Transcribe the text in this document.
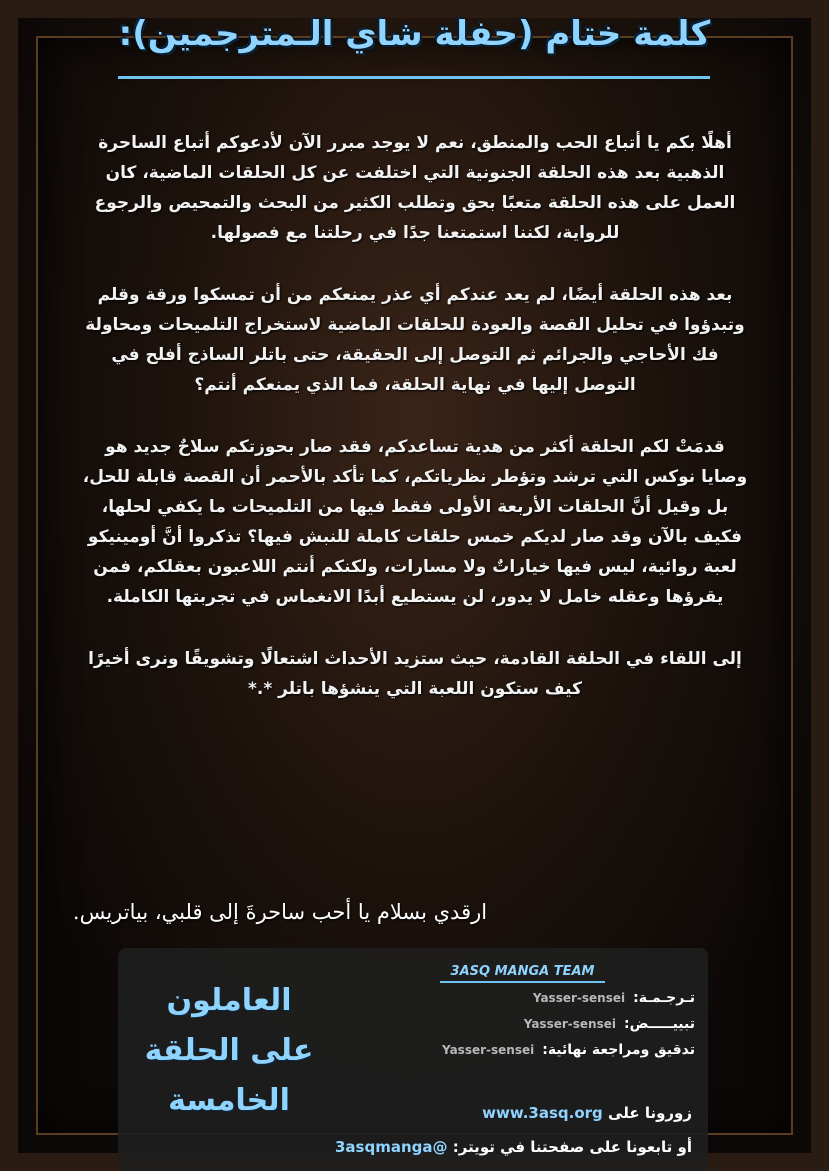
كلمة ختام (حفلة شاي الـمترجمين):

أهلًا بكم يا أتباع الحب والمنطق، نعم لا يوجد مبرر الآن لأدعوكم أتباع الساحرة الذهبية بعد هذه الحلقة الجنونية التي اختلفت عن كل الحلقات الماضية، كان العمل على هذه الحلقة متعبًا بحق وتطلب الكثير من البحث والتمحيص والرجوع للرواية، لكننا استمتعنا جدًا في رحلتنا مع فصولها.

بعد هذه الحلقة أيضًا، لم يعد عندكم أي عذر يمنعكم من أن تمسكوا ورقة وقلم وتبدؤوا في تحليل القصة والعودة للحلقات الماضية لاستخراج التلميحات ومحاولة فك الأحاجي والجرائم ثم التوصل إلى الحقيقة، حتى باتلر الساذج أفلح في التوصل إليها في نهاية الحلقة، فما الذي يمنعكم أنتم؟

قدمَتْ لكم الحلقة أكثر من هدية تساعدكم، فقد صار بحوزتكم سلاحٌ جديد هو وصايا نوكس التي ترشد وتؤطر نظرياتكم، كما تأكد بالأحمر أن القصة قابلة للحل، بل وقيل أنَّ الحلقات الأربعة الأولى فقط فيها من التلميحات ما يكفي لحلها، فكيف بالآن وقد صار لديكم خمس حلقات كاملة للنبش فيها؟ تذكروا أنَّ أومينيكو لعبة روائية، ليس فيها خياراتٌ ولا مسارات، ولكنكم أنتم اللاعبون بعقلكم، فمن يقرؤها وعقله خامل لا يدور، لن يستطيع أبدًا الانغماس في تجربتها الكاملة.

إلى اللقاء في الحلقة القادمة، حيث ستزيد الأحداث اشتعالًا وتشويقًا ونرى أخيرًا كيف ستكون اللعبة التي ينشؤها باتلر *.*

ارقدي بسلام يا أحب ساحرةَ إلى قلبي، بياتريس.
العاملون
على الحلقة
الخامسة
3ASQ MANGA TEAM
تـرجـمـة:
Yasser-sensei
تبييـــــض:
Yasser-sensei
تدقيق ومراجعة نهائية:
Yasser-sensei
زورونا على www.3asq.org
أو تابعونا على صفحتنا في تويتر: @3asqmanga
